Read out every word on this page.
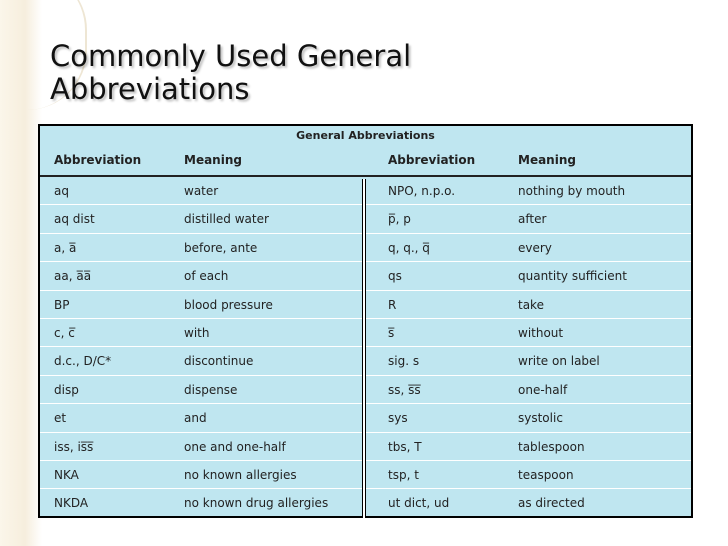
Commonly Used General
Abbreviations
General Abbreviations
Abbreviation	Meaning	Abbreviation	Meaning
aq	water
aq dist	distilled water
a, a̅	before, ante
aa, a̅a̅	of each
BP	blood pressure
c, c̅	with
d.c., D/C*	discontinue
disp	dispense
et	and
iss, is̅s̅	one and one-half
NKA	no known allergies
NKDA	no known drug allergies
NPO, n.p.o.	nothing by mouth
p̅, p	after
q, q., q̅	every
qs	quantity sufficient
R	take
s̅	without
sig. s	write on label
ss, s̅s̅	one-half
sys	systolic
tbs, T	tablespoon
tsp, t	teaspoon
ut dict, ud	as directed
